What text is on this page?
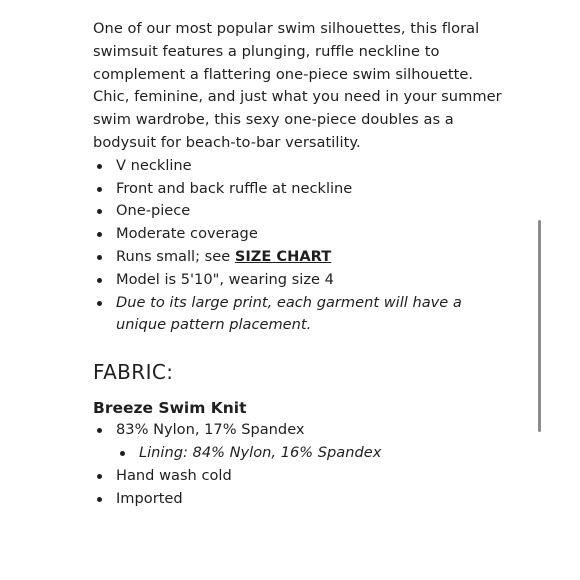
One of our most popular swim silhouettes, this floral swimsuit features a plunging, ruffle neckline to complement a flattering one-piece swim silhouette. Chic, feminine, and just what you need in your summer swim wardrobe, this sexy one-piece doubles as a bodysuit for beach-to-bar versatility.

V neckline
Front and back ruffle at neckline
One-piece
Moderate coverage
Runs small; see SIZE CHART
Model is 5'10", wearing size 4
Due to its large print, each garment will have a unique pattern placement.
FABRIC:
Breeze Swim Knit
83% Nylon, 17% Spandex
Lining: 84% Nylon, 16% Spandex
Hand wash cold
Imported
